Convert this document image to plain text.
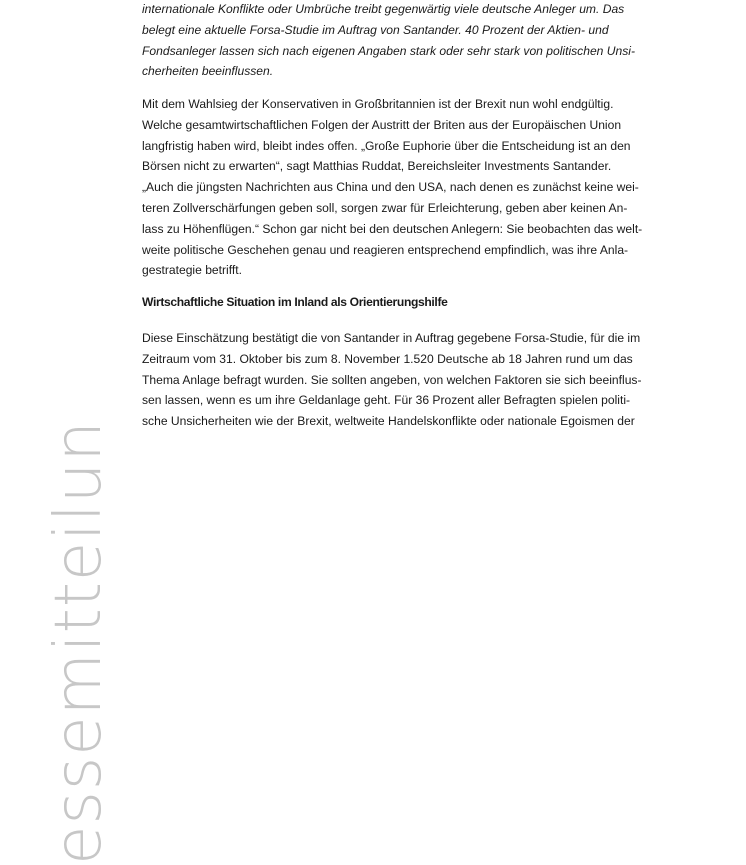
essemitteilun
internationale Konflikte oder Umbrüche treibt gegenwärtig viele deutsche Anleger um. Das
belegt eine aktuelle Forsa-Studie im Auftrag von Santander. 40 Prozent der Aktien- und
Fondsanleger lassen sich nach eigenen Angaben stark oder sehr stark von politischen Unsi-
cherheiten beeinflussen.
Mit dem Wahlsieg der Konservativen in Großbritannien ist der Brexit nun wohl endgültig.
Welche gesamtwirtschaftlichen Folgen der Austritt der Briten aus der Europäischen Union
langfristig haben wird, bleibt indes offen. „Große Euphorie über die Entscheidung ist an den
Börsen nicht zu erwarten“, sagt Matthias Ruddat, Bereichsleiter Investments Santander.
„Auch die jüngsten Nachrichten aus China und den USA, nach denen es zunächst keine wei-
teren Zollverschärfungen geben soll, sorgen zwar für Erleichterung, geben aber keinen An-
lass zu Höhenflügen.“ Schon gar nicht bei den deutschen Anlegern: Sie beobachten das welt-
weite politische Geschehen genau und reagieren entsprechend empfindlich, was ihre Anla-
gestrategie betrifft.
Wirtschaftliche Situation im Inland als Orientierungshilfe
Diese Einschätzung bestätigt die von Santander in Auftrag gegebene Forsa-Studie, für die im
Zeitraum vom 31. Oktober bis zum 8. November 1.520 Deutsche ab 18 Jahren rund um das
Thema Anlage befragt wurden. Sie sollten angeben, von welchen Faktoren sie sich beeinflus-
sen lassen, wenn es um ihre Geldanlage geht. Für 36 Prozent aller Befragten spielen politi-
sche Unsicherheiten wie der Brexit, weltweite Handelskonflikte oder nationale Egoismen der
